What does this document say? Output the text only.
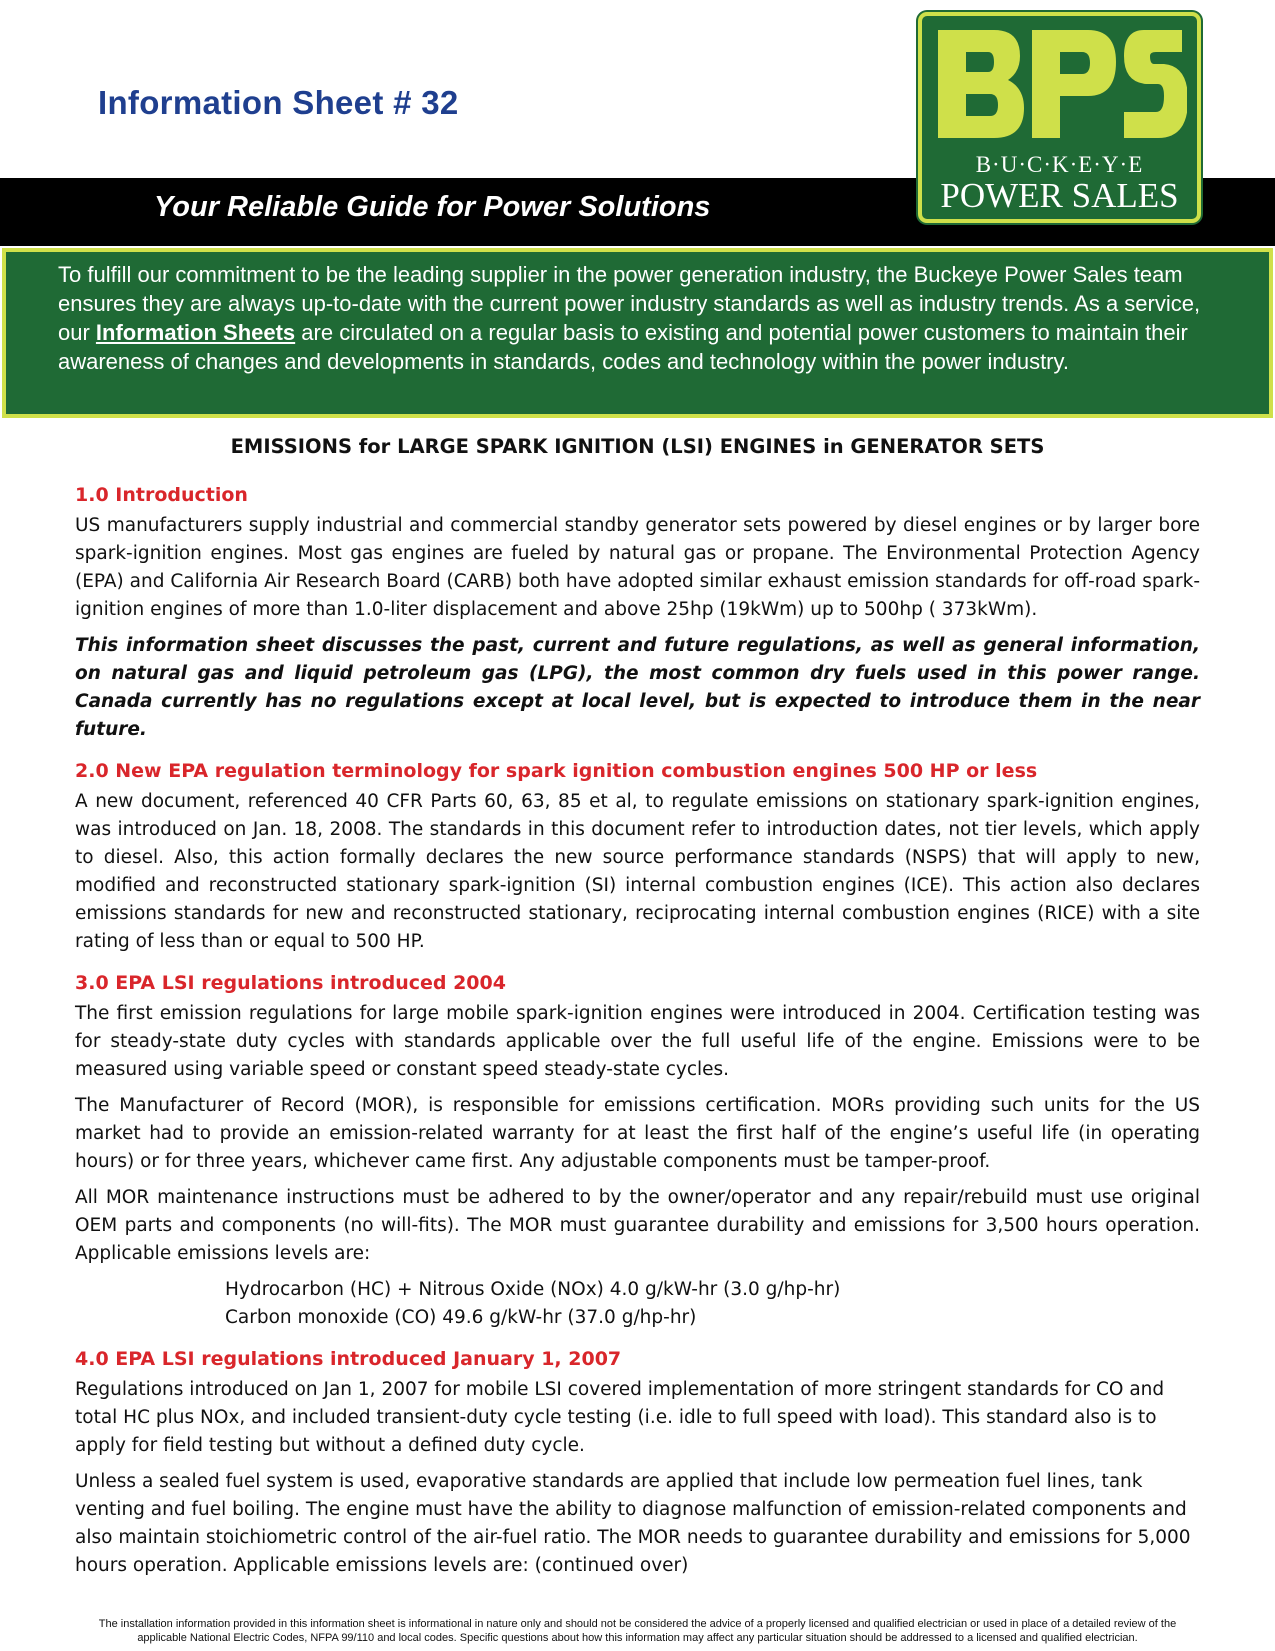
Information Sheet # 32
Your Reliable Guide for Power Solutions
B·U·C·K·E·Y·E
POWER SALES

To fulfill our commitment to be the leading supplier in the power generation industry, the Buckeye Power Sales team ensures they are always up-to-date with the current power industry standards as well as industry trends. As a service, our Information Sheets are circulated on a regular basis to existing and potential power customers to maintain their awareness of changes and developments in standards, codes and technology within the power industry.

EMISSIONS for LARGE SPARK IGNITION (LSI) ENGINES in GENERATOR SETS
1.0 Introduction

US manufacturers supply industrial and commercial standby generator sets powered by diesel engines or by larger bore spark-ignition engines. Most gas engines are fueled by natural gas or propane. The Environmental Protection Agency (EPA) and California Air Research Board (CARB) both have adopted similar exhaust emission standards for off-road spark-ignition engines of more than 1.0-liter displacement and above 25hp (19kWm) up to 500hp ( 373kWm).

This information sheet discusses the past, current and future regulations, as well as general information, on natural gas and liquid petroleum gas (LPG), the most common dry fuels used in this power range. Canada currently has no regulations except at local level, but is expected to introduce them in the near future.

2.0 New EPA regulation terminology for spark ignition combustion engines 500 HP or less

A new document, referenced 40 CFR Parts 60, 63, 85 et al, to regulate emissions on stationary spark-ignition engines, was introduced on Jan. 18, 2008. The standards in this document refer to introduction dates, not tier levels, which apply to diesel. Also, this action formally declares the new source performance standards (NSPS) that will apply to new, modified and reconstructed stationary spark-ignition (SI) internal combustion engines (ICE). This action also declares emissions standards for new and reconstructed stationary, reciprocating internal combustion engines (RICE) with a site rating of less than or equal to 500 HP.

3.0 EPA LSI regulations introduced 2004

The first emission regulations for large mobile spark-ignition engines were introduced in 2004. Certification testing was for steady-state duty cycles with standards applicable over the full useful life of the engine. Emissions were to be measured using variable speed or constant speed steady-state cycles.

The Manufacturer of Record (MOR), is responsible for emissions certification. MORs providing such units for the US market had to provide an emission-related warranty for at least the first half of the engine’s useful life (in operating hours) or for three years, whichever came first. Any adjustable components must be tamper-proof.

All MOR maintenance instructions must be adhered to by the owner/operator and any repair/rebuild must use original OEM parts and components (no will-fits). The MOR must guarantee durability and emissions for 3,500 hours operation. Applicable emissions levels are:

Hydrocarbon (HC) + Nitrous Oxide (NOx) 4.0 g/kW-hr (3.0 g/hp-hr)
Carbon monoxide (CO) 49.6 g/kW-hr (37.0 g/hp-hr)
4.0 EPA LSI regulations introduced January 1, 2007

Regulations introduced on Jan 1, 2007 for mobile LSI covered implementation of more stringent standards for CO and total HC plus NOx, and included transient-duty cycle testing (i.e. idle to full speed with load). This standard also is to apply for field testing but without a defined duty cycle.

Unless a sealed fuel system is used, evaporative standards are applied that include low permeation fuel lines, tank venting and fuel boiling. The engine must have the ability to diagnose malfunction of emission-related components and also maintain stoichiometric control of the air-fuel ratio. The MOR needs to guarantee durability and emissions for 5,000 hours operation. Applicable emissions levels are: (continued over)

The installation information provided in this information sheet is informational in nature only and should not be considered the advice of a properly licensed and qualified electrician or used in place of a detailed review of the
applicable National Electric Codes, NFPA 99/110 and local codes. Specific questions about how this information may affect any particular situation should be addressed to a licensed and qualified electrician.
